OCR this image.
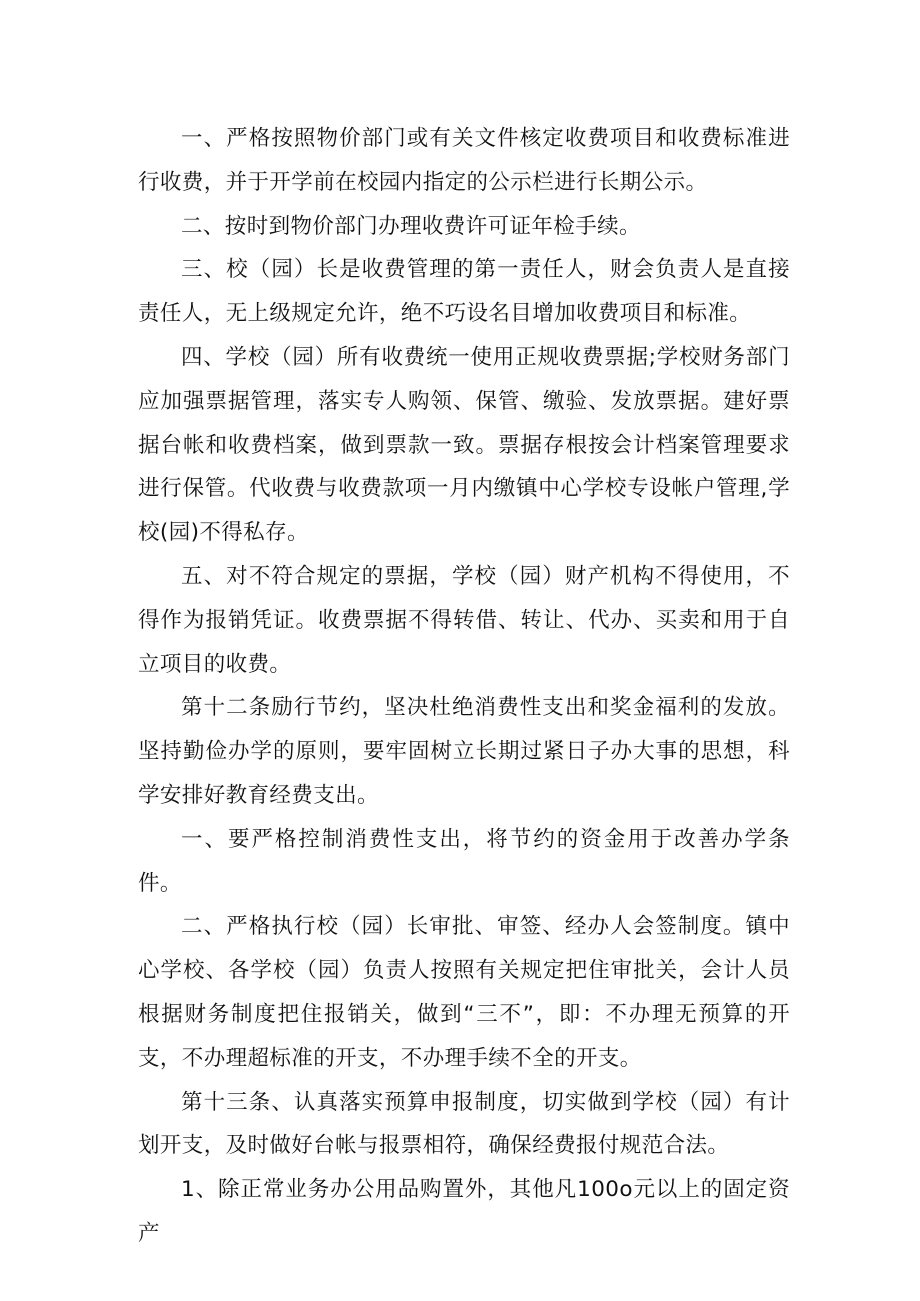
一、严格按照物价部门或有关文件核定收费项目和收费标准进行收费，并于开学前在校园内指定的公示栏进行长期公示。

二、按时到物价部门办理收费许可证年检手续。

三、校（园）长是收费管理的第一责任人，财会负责人是直接责任人，无上级规定允许，绝不巧设名目增加收费项目和标准。

四、学校（园）所有收费统一使用正规收费票据;学校财务部门应加强票据管理，落实专人购领、保管、缴验、发放票据。建好票据台帐和收费档案，做到票款一致。票据存根按会计档案管理要求进行保管。代收费与收费款项一月内缴镇中心学校专设帐户管理,学校(园)不得私存。

五、对不符合规定的票据，学校（园）财产机构不得使用，不得作为报销凭证。收费票据不得转借、转让、代办、买卖和用于自立项目的收费。

第十二条励行节约，坚决杜绝消费性支出和奖金福利的发放。坚持勤俭办学的原则，要牢固树立长期过紧日子办大事的思想，科学安排好教育经费支出。

一、要严格控制消费性支出，将节约的资金用于改善办学条件。

二、严格执行校（园）长审批、审签、经办人会签制度。镇中心学校、各学校（园）负责人按照有关规定把住审批关，会计人员根据财务制度把住报销关，做到“三不”，即：不办理无预算的开支，不办理超标准的开支，不办理手续不全的开支。

第十三条、认真落实预算申报制度，切实做到学校（园）有计划开支，及时做好台帐与报票相符，确保经费报付规范合法。

1、除正常业务办公用品购置外，其他凡100o元以上的固定资产
